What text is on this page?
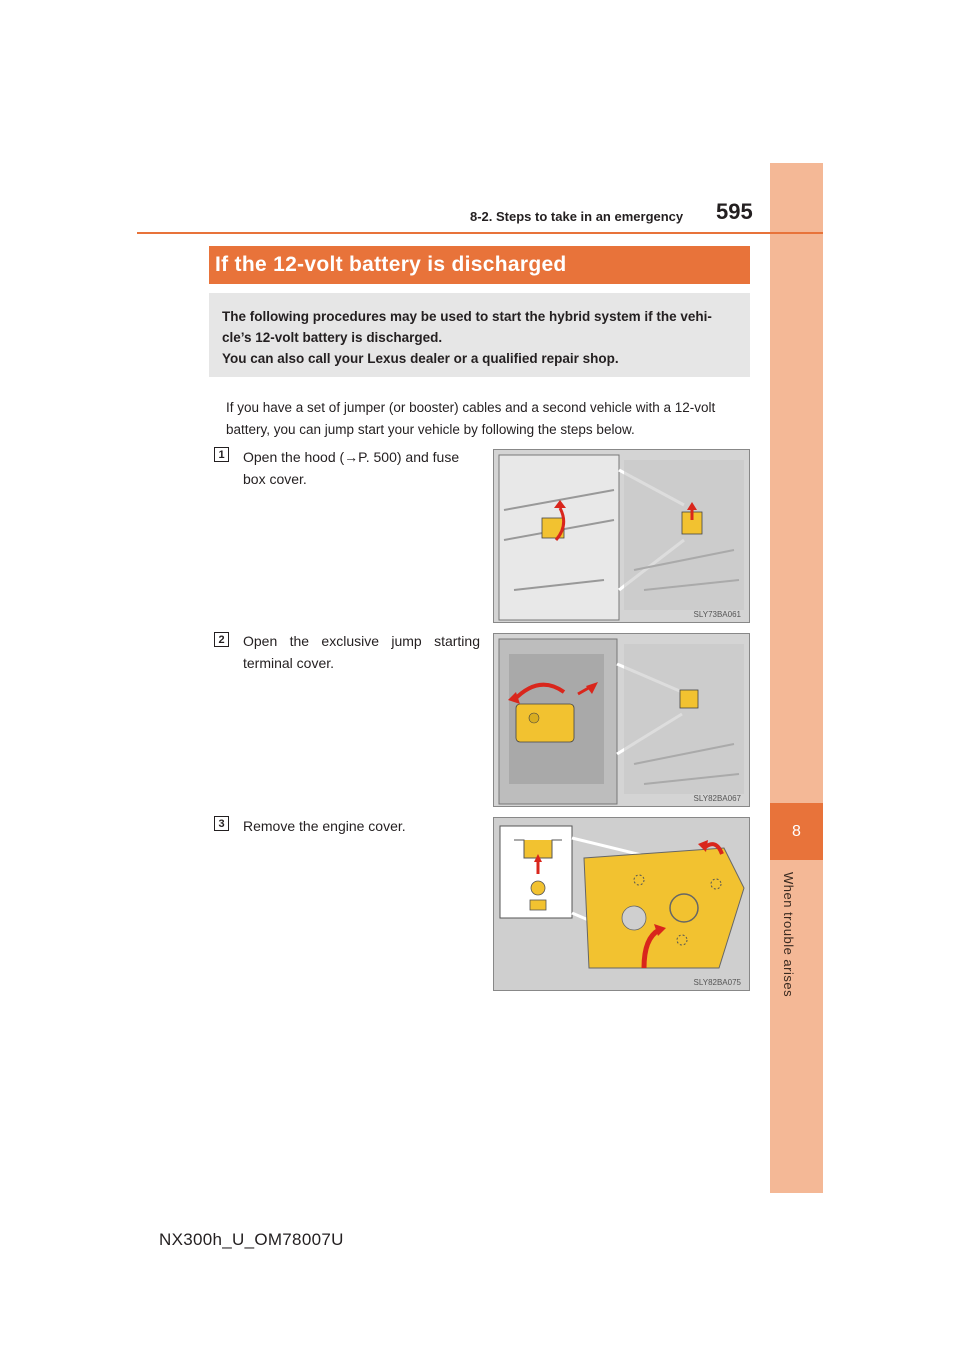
8
When trouble arises
8-2. Steps to take in an emergency 595
If the 12-volt battery is discharged
The following procedures may be used to start the hybrid system if the vehi-
cle’s 12-volt battery is discharged.
You can also call your Lexus dealer or a qualified repair shop.
If you have a set of jumper (or booster) cables and a second vehicle with a 12-volt
battery, you can jump start your vehicle by following the steps below.
1	Open the hood (→P. 500) and fuse
box cover.
SLY73BA061
2	Open the exclusive jump starting
terminal cover.
SLY82BA067
3	Remove the engine cover.
SLY82BA075
NX300h_U_OM78007U
